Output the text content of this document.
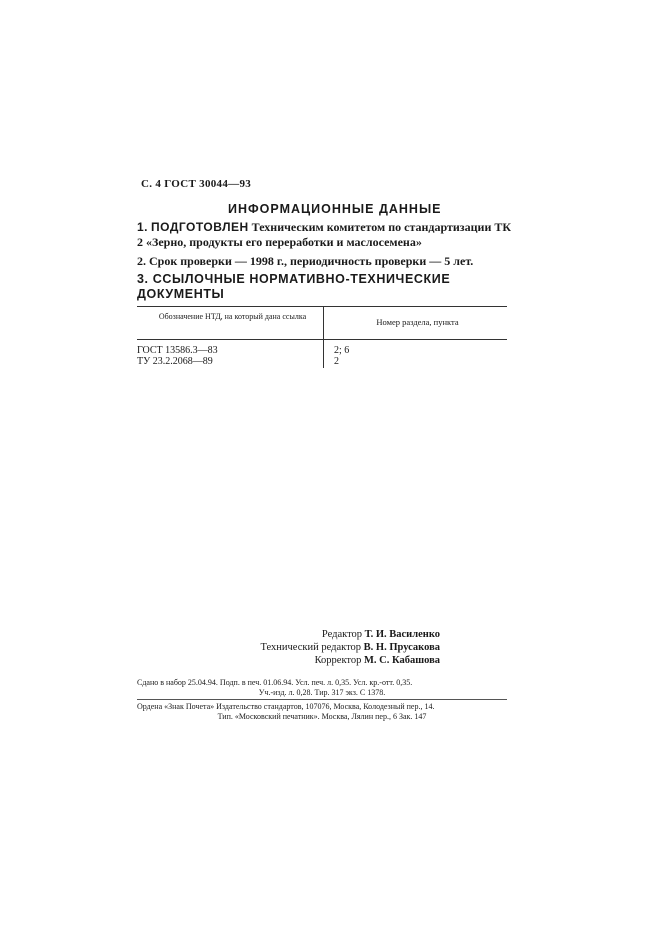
С. 4 ГОСТ 30044—93
ИНФОРМАЦИОННЫЕ ДАННЫЕ
1. ПОДГОТОВЛЕН Техническим комитетом по стандартизации ТК 2 «Зерно, продукты его переработки и маслосемена»
2. Срок проверки — 1998 г., периодичность проверки — 5 лет.
3. ССЫЛОЧНЫЕ НОРМАТИВНО-ТЕХНИЧЕСКИЕ ДОКУМЕНТЫ
Обозначение НТД, на который дана ссылка
Номер раздела, пункта
ГОСТ 13586.3—83
ТУ 23.2.2068—89
2; 6
2
Редактор Т. И. Василенко
Технический редактор В. Н. Прусакова
Корректор М. С. Кабашова
Сдано в набор 25.04.94. Подп. в печ. 01.06.94. Усл. печ. л. 0,35. Усл. кр.-отт. 0,35.
Уч.-изд. л. 0,28. Тир. 317 экз. С 1378.
Ордена «Знак Почета» Издательство стандартов, 107076, Москва, Колодезный пер., 14.
Тип. «Московский печатник». Москва, Лялин пер., 6 Зак. 147
